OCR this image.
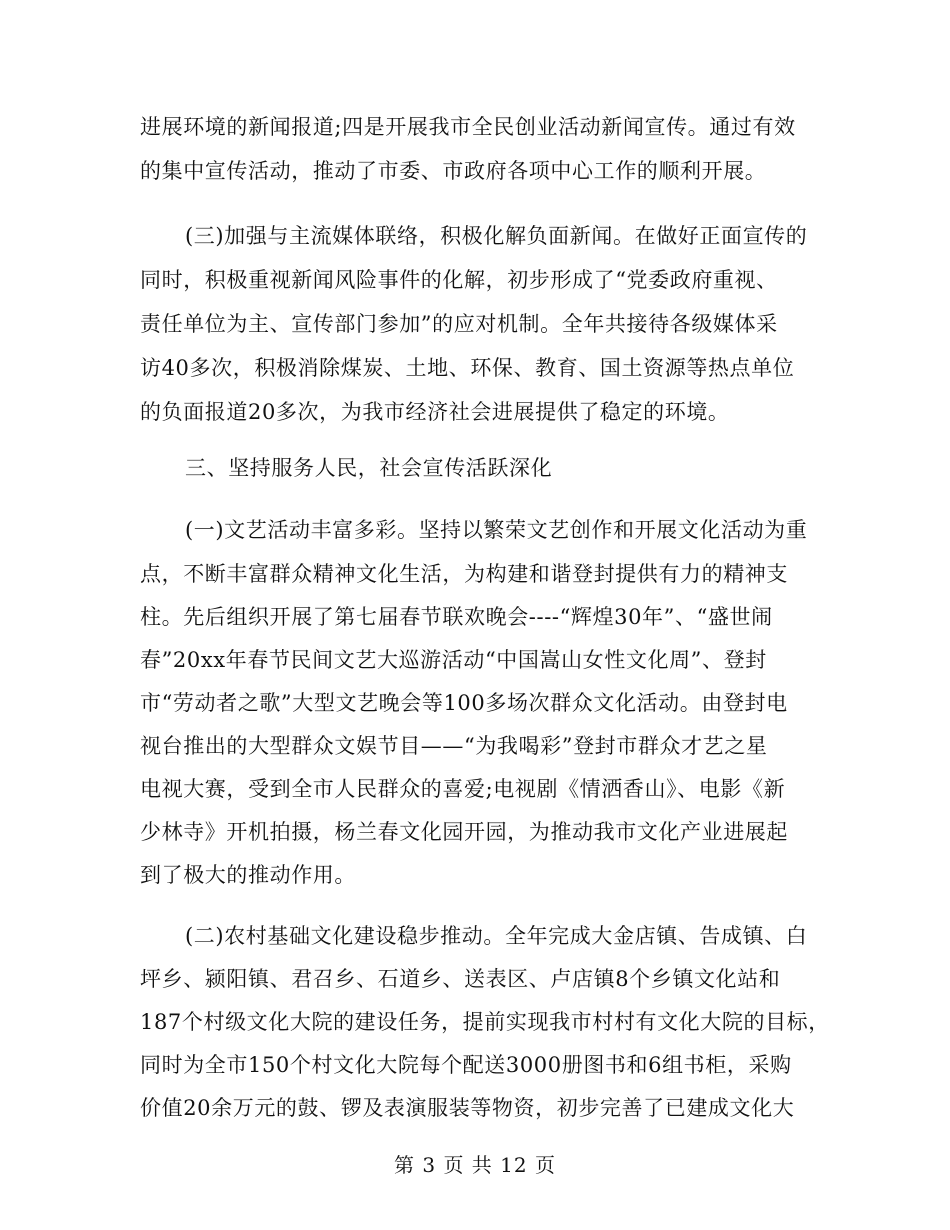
进展环境的新闻报道;四是开展我市全民创业活动新闻宣传。通过有效
的集中宣传活动，推动了市委、市政府各项中心工作的顺利开展。
(三)加强与主流媒体联络，积极化解负面新闻。在做好正面宣传的
同时，积极重视新闻风险事件的化解，初步形成了“党委政府重视、
责任单位为主、宣传部门参加”的应对机制。全年共接待各级媒体采
访40多次，积极消除煤炭、土地、环保、教育、国土资源等热点单位
的负面报道20多次，为我市经济社会进展提供了稳定的环境。
三、坚持服务人民，社会宣传活跃深化
(一)文艺活动丰富多彩。坚持以繁荣文艺创作和开展文化活动为重
点，不断丰富群众精神文化生活，为构建和谐登封提供有力的精神支
柱。先后组织开展了第七届春节联欢晚会----“辉煌30年”、“盛世闹
春”20xx年春节民间文艺大巡游活动“中国嵩山女性文化周”、登封
市“劳动者之歌”大型文艺晚会等100多场次群众文化活动。由登封电
视台推出的大型群众文娱节目——“为我喝彩”登封市群众才艺之星
电视大赛，受到全市人民群众的喜爱;电视剧《情洒香山》、电影《新
少林寺》开机拍摄，杨兰春文化园开园，为推动我市文化产业进展起
到了极大的推动作用。
(二)农村基础文化建设稳步推动。全年完成大金店镇、告成镇、白
坪乡、颍阳镇、君召乡、石道乡、送表区、卢店镇8个乡镇文化站和
187个村级文化大院的建设任务，提前实现我市村村有文化大院的目标，
同时为全市150个村文化大院每个配送3000册图书和6组书柜，采购
价值20余万元的鼓、锣及表演服装等物资，初步完善了已建成文化大
第 3 页 共 12 页
